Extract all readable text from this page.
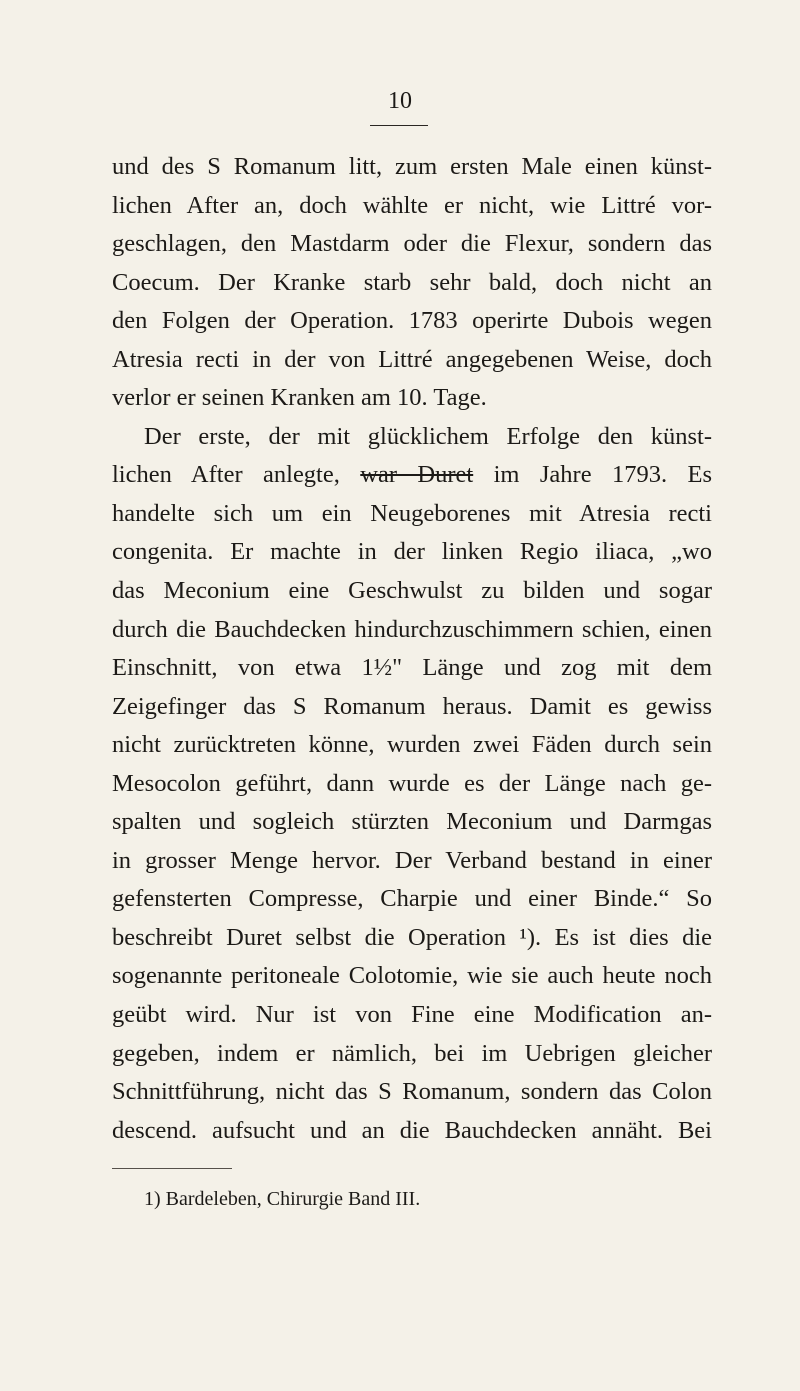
10
und des S Romanum litt, zum ersten Male einen künst-
lichen After an, doch wählte er nicht, wie Littré vor-
geschlagen, den Mastdarm oder die Flexur, sondern das
Coecum. Der Kranke starb sehr bald, doch nicht an
den Folgen der Operation. 1783 operirte Dubois wegen
Atresia recti in der von Littré angegebenen Weise, doch
verlor er seinen Kranken am 10. Tage.
Der erste, der mit glücklichem Erfolge den künst-
lichen After anlegte, war Duret im Jahre 1793. Es
handelte sich um ein Neugeborenes mit Atresia recti
congenita. Er machte in der linken Regio iliaca, „wo
das Meconium eine Geschwulst zu bilden und sogar
durch die Bauchdecken hindurchzuschimmern schien, einen
Einschnitt, von etwa 1½" Länge und zog mit dem
Zeigefinger das S Romanum heraus. Damit es gewiss
nicht zurücktreten könne, wurden zwei Fäden durch sein
Mesocolon geführt, dann wurde es der Länge nach ge-
spalten und sogleich stürzten Meconium und Darmgas
in grosser Menge hervor. Der Verband bestand in einer
gefensterten Compresse, Charpie und einer Binde.“ So
beschreibt Duret selbst die Operation ¹). Es ist dies die
sogenannte peritoneale Colotomie, wie sie auch heute noch
geübt wird. Nur ist von Fine eine Modification an-
gegeben, indem er nämlich, bei im Uebrigen gleicher
Schnittführung, nicht das S Romanum, sondern das Colon
descend. aufsucht und an die Bauchdecken annäht. Bei
1) Bardeleben, Chirurgie Band III.
